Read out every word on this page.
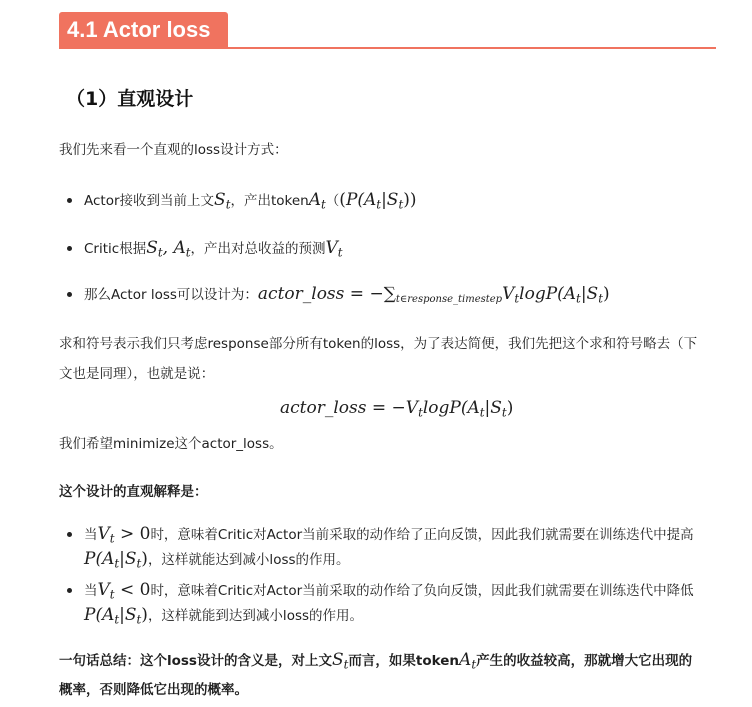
4.1 Actor loss
（1）直观设计
我们先来看一个直观的loss设计方式：
Actor接收到当前上文$S_t$，产出$tokenA_t((P(A_t|S_t))$
Critic根据$S_t$, $A_t$，产出对总收益的预测$V_t$
那么Actor loss可以设计为：actor_loss = $-\sum_{t\in response\_timestep}V_t\log P(A_t|S_t)$
求和符号表示我们只考虑response部分所有token的loss，为了表达简便，我们先把这个求和符号略去（下
文也是同理），也就是说：
actor_loss = $-V_t\log P(A_t|S_t)$
我们希望minimize这个actor_loss。
这个设计的直观解释是：
当$V_t > 0$时，意味着Critic对Actor当前采取的动作给了正向反馈，因此我们就需要在训练迭代中提高
$P(A_t|S_t)$，这样就能达到减小loss的作用。
当$V_t < 0$时，意味着Critic对Actor当前采取的动作给了负向反馈，因此我们就需要在训练迭代中降低
$P(A_t|S_t)$，这样就能到达到减小loss的作用。
一句话总结：这个loss设计的含义是，对上文$S_t$而言，如果tokenA$_t$产生的收益较高，那就增大它出现的
概率，否则降低它出现的概率。
